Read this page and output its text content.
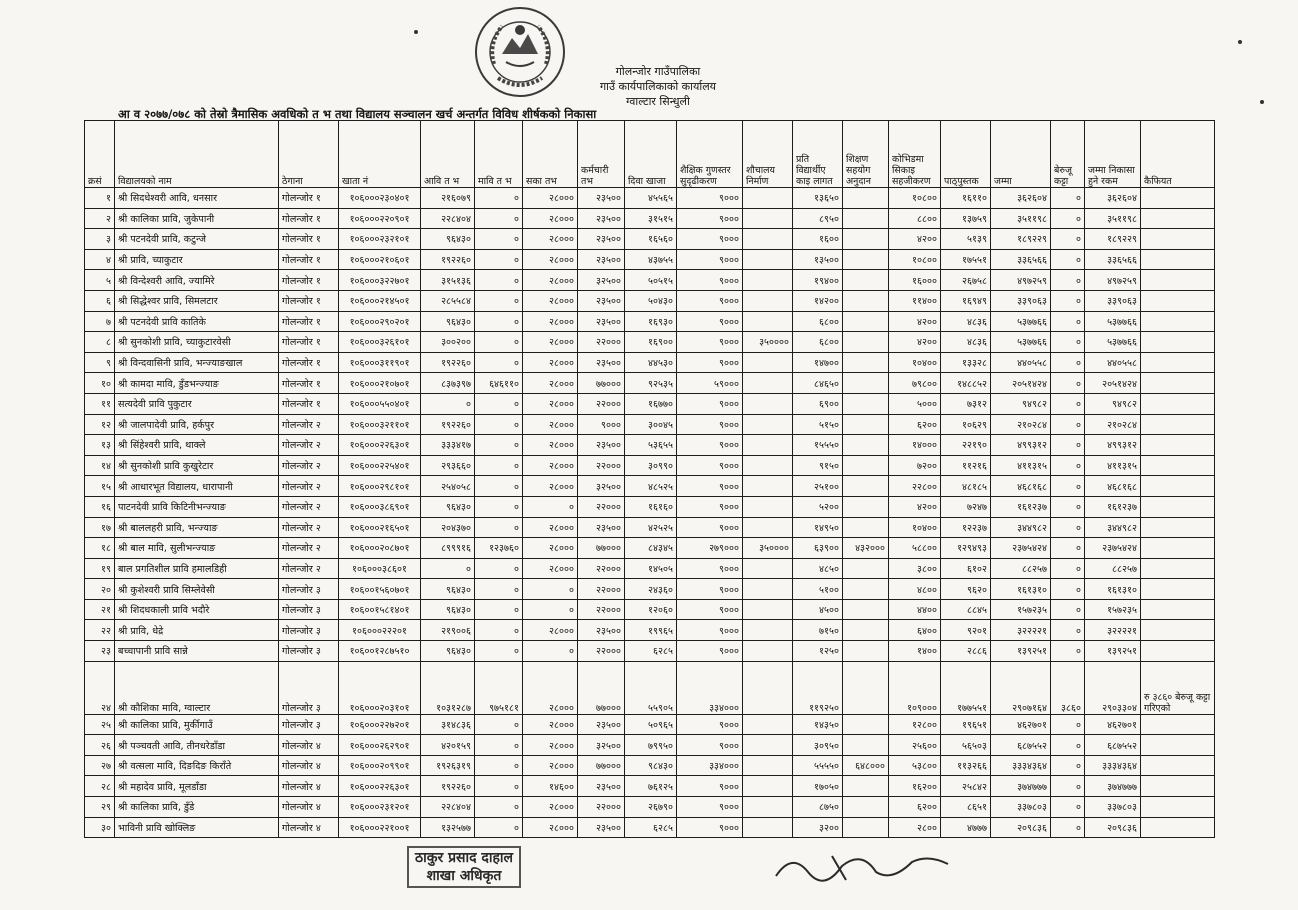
गोलन्जोर गाउँपालिका
गाउँ कार्यपालिकाको कार्यालय
ग्वाल्टार सिन्धुली
आ व २०७७/०७८ को तेस्रो त्रैमासिक अवधिको त भ तथा विद्यालय सञ्चालन खर्च अन्तर्गत विविध शीर्षकको निकासा
क्रसं	विद्यालयको नाम	ठेगाना	खाता नं	आवि त भ	मावि त भ	सका तभ	कर्मचारी तभ	दिवा खाजा	शैक्षिक गुणस्तर सुदृढीकरण	शौचालय निर्माण	प्रति विद्यार्थीए काइ लागत	शिक्षण सहयोग अनुदान	कोभिडमा सिकाइ सहजीकरण	पाठ्पुस्तक	जम्मा	बेरुजू कट्टा	जम्मा निकासा हुने रकम	कैफियत
१	श्री सिदधेश्वरी आवि, धनसार	गोलन्जोर १	१०६०००२३०४०१	२१६०७९	०	२८०००	२३५००	४५५६५	९०००		१३६५०		१०८००	१६११०	३६२६०४	०	३६२६०४	
२	श्री कालिका प्रावि, जुकेपानी	गोलन्जोर १	१०६०००२२०९०१	२२८४०४	०	२८०००	२३५००	३१५१५	९०००		८९५०		८८००	१३७५९	३५११९८	०	३५११९८	
३	श्री पटनदेवी प्रावि, कटुन्जे	गोलन्जोर १	१०६०००२३२१०१	९६४३०	०	२८०००	२३५००	१६५६०	९०००		१६००		४२००	५१३९	१८९२२९	०	१८९२२९	
४	श्री प्रावि, च्याकुटार	गोलन्जोर १	१०६०००२१०६०१	१९२२६०	०	२८०००	२३५००	४३७५५	९०००		१३५००		१०८००	१७५५१	३३६५६६	०	३३६५६६	
५	श्री विन्देश्वरी आवि, ज्यामिरे	गोलन्जोर १	१०६०००३२२७०१	३१५१३६	०	२८०००	३२५००	५०५१५	९०००		१९४००		१६०००	२६७५८	४९७२५९	०	४९७२५९	
६	श्री सिद्धेश्वर प्रावि, सिमलटार	गोलन्जोर १	१०६०००२१४५०१	२८५५८४	०	२८०००	२३५००	५०४३०	९०००		१४२००		११४००	१६९४९	३३९०६३	०	३३९०६३	
७	श्री पटनदेवी प्रावि कातिके	गोलन्जोर १	१०६०००२९०२०१	९६४३०	०	२८०००	२३५००	१६९३०	९०००		६८००		४२००	४८३६	५३७७६६	०	५३७७६६	
८	श्री सुनकोशी प्रावि, च्याकुटारवेसी	गोलन्जोर १	१०६०००३२६१०१	३००२००	०	२८०००	२२०००	१६९००	९०००	३५००००	६८००		४२००	४८३६	५३७७६६	०	५३७७६६	
९	श्री विन्दवासिनी प्रावि, भन्ज्याङखाल	गोलन्जोर १	१०६०००३११९०१	१९२२६०	०	२८०००	२३५००	४४५३०	९०००		१४७००		१०४००	१३३२८	४४०५५८	०	४४०५५८	
१०	श्री कामदा मावि, डुँडभन्ज्याङ	गोलन्जोर १	१०६०००२१०७०१	८३७३९७	६४६११०	२८०००	७७०००	९२५३५	५९०००		८४६५०		७९८००	१४८८५२	२०५१४२४	०	२०५१४२४	
११	सत्यदेवी प्रावि पुकुटार	गोलन्जोर १	१०६०००५५०४०१	०	०	२८०००	२२०००	१६७७०	९०००		६९००		५०००	७३१२	९४९८२	०	९४९८२	
१२	श्री जालपादेवी प्रावि, हर्कपुर	गोलन्जोर २	१०६०००३२११०१	१९२२६०	०	२८०००	९०००	३००४५	९०००		५१५०		६२००	१०६२९	२१०२८४	०	२१०२८४	
१३	श्री सिंहेश्वरी प्रावि, थाक्ले	गोलन्जोर २	१०६०००२२६३०१	३३३४१७	०	२८०००	२३५००	५३६५५	९०००		१५५५०		१४०००	२२१९०	४९९३१२	०	४९९३१२	
१४	श्री सुनकोशी प्रावि कुखुरेटार	गोलन्जोर २	१०६०००२२५४०१	२९३६६०	०	२८०००	२२०००	३०९९०	९०००		९१५०		७२००	११२१६	४११३१५	०	४११३१५	
१५	श्री आधारभूत विद्यालय, धारापानी	गोलन्जोर २	१०६०००२९८१०१	२५४०५८	०	२८०००	३२५००	४८५२५	९०००		२५१००		२२८००	४८१८५	४६८१६८	०	४६८१६८	
१६	पाटनदेवी प्रावि किटिनीभन्ज्याङ	गोलन्जोर २	१०६०००३८६९०१	९६४३०	०	०	२२०००	१६१६०	९०००		५२००		४२००	७२४७	१६१२३७	०	१६१२३७	
१७	श्री बाललहरी प्रावि, भन्ज्याङ	गोलन्जोर २	१०६०००२१६५०१	२०४३७०	०	२८०००	२३५००	४२५२५	९०००		१४९५०		१०४००	१२२३७	३४४९८२	०	३४४९८२	
१८	श्री बाल मावि, सुलीभन्ज्याङ	गोलन्जोर २	१०६०००२०८७०१	८९९९१६	१२३७६०	२८०००	७७०००	८४३४५	२७९०००	३५००००	६३९००	४३२०००	५८८००	१२९४९३	२३७५४२४	०	२३७५४२४	
१९	बाल प्रगतिशील प्रावि हमालडिही	गोलन्जोर २	१०६०००३८६०१	०	०	२८०००	२२०००	१४५०५	९०००		४८५०		३८००	६१०२	८८२५७	०	८८२५७	
२०	श्री कुशेश्वरी प्रावि सिम्लेवेसी	गोलन्जोर ३	१०६००१५६०७०१	९६४३०	०	०	२२०००	२४३६०	९०००		५१००		४८००	९६२०	१६१३१०	०	१६१३१०	
२१	श्री शिदधकाली प्रावि भदौरे	गोलन्जोर ३	१०६००१५८१४०१	९६४३०	०	०	२२०००	१२०६०	९०००		४५००		४४००	८८४५	१५७२३५	०	१५७२३५	
२२	श्री प्रावि, धेद्रे	गोलन्जोर ३	१०६०००२२२०१	२१९००६	०	२८०००	२३५००	१९९६५	९०००		७१५०		६४००	९२०१	३२२२२१	०	३२२२२१	
२३	बच्चापानी प्रावि सान्ने	गोलन्जोर ३	१०६००१२८७५१०	९६४३०	०	०	२२०००	६२८५	९०००		१२५०		१४००	२८८६	१३९२५१	०	१३९२५१	
२४	श्री कौशिका मावि, ग्वाल्टार	गोलन्जोर ३	१०६०००२०३१०१	१०३१२८७	९७५१८१	२८०००	७७०००	५५९०५	३३४०००		११९२५०		१०९०००	१७७५५१	२९०७१६४	३८६०	२९०३३०४	रु ३८६० बेरुजू कट्टा गरिएको
२५	श्री कालिका प्रावि, मुर्कीगाउँ	गोलन्जोर ३	१०६०००२२७२०१	३१४८३६	०	२८०००	२३५००	५०९६५	९०००		१४३५०		१२८००	१९६५१	४६२७०१	०	४६२७०१	
२६	श्री पञ्चवती आवि, तीनधरेडाँडा	गोलन्जोर ४	१०६०००२६२९०१	४२०१५९	०	२८०००	३२५००	७९९५०	९०००		३०९५०		२५६००	५६५०३	६८७५५२	०	६८७५५२	
२७	श्री वत्सला मावि, दिङदिङ किराँते	गोलन्जोर ४	१०६०००२०९९०१	१९२६३१९	०	२८०००	७७०००	९८४३०	३३४०००		५५५५०	६४८०००	५३८००	११३२६६	३३३४३६४	०	३३३४३६४	
२८	श्री महादेव प्रावि, मूलडाँडा	गोलन्जोर ४	१०६०००२२६३०१	१९२२६०	०	१४६००	२३५००	७६१२५	९०००		१७०५०		१६२००	२५८४२	३७४७७७	०	३७४७७७	
२९	श्री कालिका प्रावि, डुँडे	गोलन्जोर ४	१०६०००२३१२०१	२२८४०४	०	२८०००	२२०००	२६७९०	९०००		८७५०		६२००	८६५१	३३७८०३	०	३३७८०३	
३०	भाविनी प्रावि खोक्लिङ	गोलन्जोर ४	१०६०००२२१००१	१३२५७७	०	२८०००	२३५००	६२८५	९०००		३२००		२८००	४७७७	२०९८३६	०	२०९८३६	
ठाकुर प्रसाद दाहाल
शाखा अधिकृत
